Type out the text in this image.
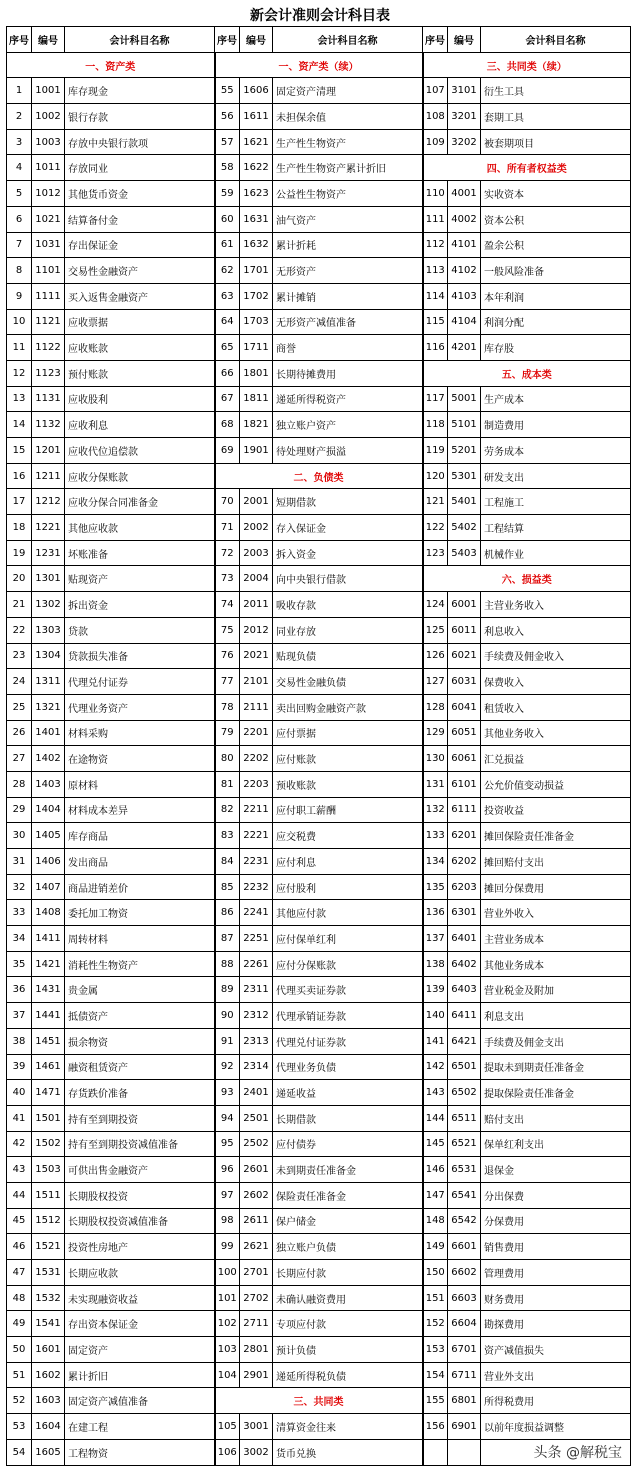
新会计准则会计科目表
序号	编号	会计科目名称	序号	编号	会计科目名称	序号	编号	会计科目名称
一、资产类			一、资产类（续）			三、共同类（续）		
1	1001	库存现金	55	1606	固定资产清理	107	3101	衍生工具
2	1002	银行存款	56	1611	未担保余值	108	3201	套期工具
3	1003	存放中央银行款项	57	1621	生产性生物资产	109	3202	被套期项目
4	1011	存放同业	58	1622	生产性生物资产累计折旧	四、所有者权益类		
5	1012	其他货币资金	59	1623	公益性生物资产	110	4001	实收资本
6	1021	结算备付金	60	1631	油气资产	111	4002	资本公积
7	1031	存出保证金	61	1632	累计折耗	112	4101	盈余公积
8	1101	交易性金融资产	62	1701	无形资产	113	4102	一般风险准备
9	1111	买入返售金融资产	63	1702	累计摊销	114	4103	本年利润
10	1121	应收票据	64	1703	无形资产减值准备	115	4104	利润分配
11	1122	应收账款	65	1711	商誉	116	4201	库存股
12	1123	预付账款	66	1801	长期待摊费用	五、成本类		
13	1131	应收股利	67	1811	递延所得税资产	117	5001	生产成本
14	1132	应收利息	68	1821	独立账户资产	118	5101	制造费用
15	1201	应收代位追偿款	69	1901	待处理财产损溢	119	5201	劳务成本
16	1211	应收分保账款	二、负债类			120	5301	研发支出
17	1212	应收分保合同准备金	70	2001	短期借款	121	5401	工程施工
18	1221	其他应收款	71	2002	存入保证金	122	5402	工程结算
19	1231	坏账准备	72	2003	拆入资金	123	5403	机械作业
20	1301	贴现资产	73	2004	向中央银行借款	六、损益类		
21	1302	拆出资金	74	2011	吸收存款	124	6001	主营业务收入
22	1303	贷款	75	2012	同业存放	125	6011	利息收入
23	1304	贷款损失准备	76	2021	贴现负债	126	6021	手续费及佣金收入
24	1311	代理兑付证券	77	2101	交易性金融负债	127	6031	保费收入
25	1321	代理业务资产	78	2111	卖出回购金融资产款	128	6041	租赁收入
26	1401	材料采购	79	2201	应付票据	129	6051	其他业务收入
27	1402	在途物资	80	2202	应付账款	130	6061	汇兑损益
28	1403	原材料	81	2203	预收账款	131	6101	公允价值变动损益
29	1404	材料成本差异	82	2211	应付职工薪酬	132	6111	投资收益
30	1405	库存商品	83	2221	应交税费	133	6201	摊回保险责任准备金
31	1406	发出商品	84	2231	应付利息	134	6202	摊回赔付支出
32	1407	商品进销差价	85	2232	应付股利	135	6203	摊回分保费用
33	1408	委托加工物资	86	2241	其他应付款	136	6301	营业外收入
34	1411	周转材料	87	2251	应付保单红利	137	6401	主营业务成本
35	1421	消耗性生物资产	88	2261	应付分保账款	138	6402	其他业务成本
36	1431	贵金属	89	2311	代理买卖证券款	139	6403	营业税金及附加
37	1441	抵债资产	90	2312	代理承销证券款	140	6411	利息支出
38	1451	损余物资	91	2313	代理兑付证券款	141	6421	手续费及佣金支出
39	1461	融资租赁资产	92	2314	代理业务负债	142	6501	提取未到期责任准备金
40	1471	存货跌价准备	93	2401	递延收益	143	6502	提取保险责任准备金
41	1501	持有至到期投资	94	2501	长期借款	144	6511	赔付支出
42	1502	持有至到期投资减值准备	95	2502	应付债券	145	6521	保单红利支出
43	1503	可供出售金融资产	96	2601	未到期责任准备金	146	6531	退保金
44	1511	长期股权投资	97	2602	保险责任准备金	147	6541	分出保费
45	1512	长期股权投资减值准备	98	2611	保户储金	148	6542	分保费用
46	1521	投资性房地产	99	2621	独立账户负债	149	6601	销售费用
47	1531	长期应收款	100	2701	长期应付款	150	6602	管理费用
48	1532	未实现融资收益	101	2702	未确认融资费用	151	6603	财务费用
49	1541	存出资本保证金	102	2711	专项应付款	152	6604	勘探费用
50	1601	固定资产	103	2801	预计负债	153	6701	资产减值损失
51	1602	累计折旧	104	2901	递延所得税负债	154	6711	营业外支出
52	1603	固定资产减值准备	三、共同类			155	6801	所得税费用
53	1604	在建工程	105	3001	清算资金往来	156	6901	以前年度损益调整
54	1605	工程物资	106	3002	货币兑换				头条 @解税宝
